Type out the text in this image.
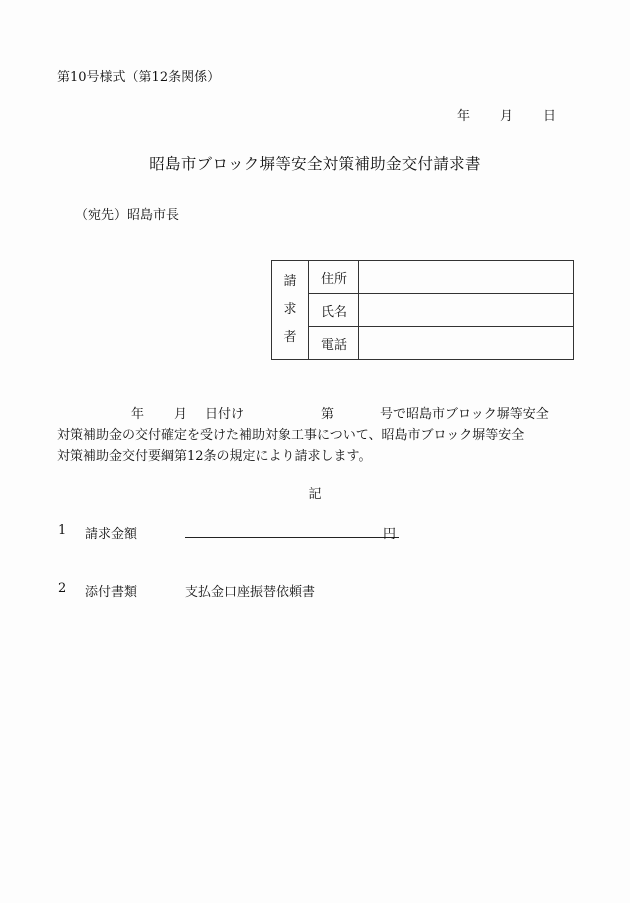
第10号様式（第12条関係）
年 月 日
昭島市ブロック塀等安全対策補助金交付請求書
（宛先）昭島市長
請
求
者	住所	
	氏名	
	電話	
年 月 日付け	第	号で昭島市ブロック塀等安全
対策補助金の交付確定を受けた補助対象工事について、昭島市ブロック塀等安全
対策補助金交付要綱第12条の規定により請求します。
記
1 請求金額	円
2 添付書類	支払金口座振替依頼書
